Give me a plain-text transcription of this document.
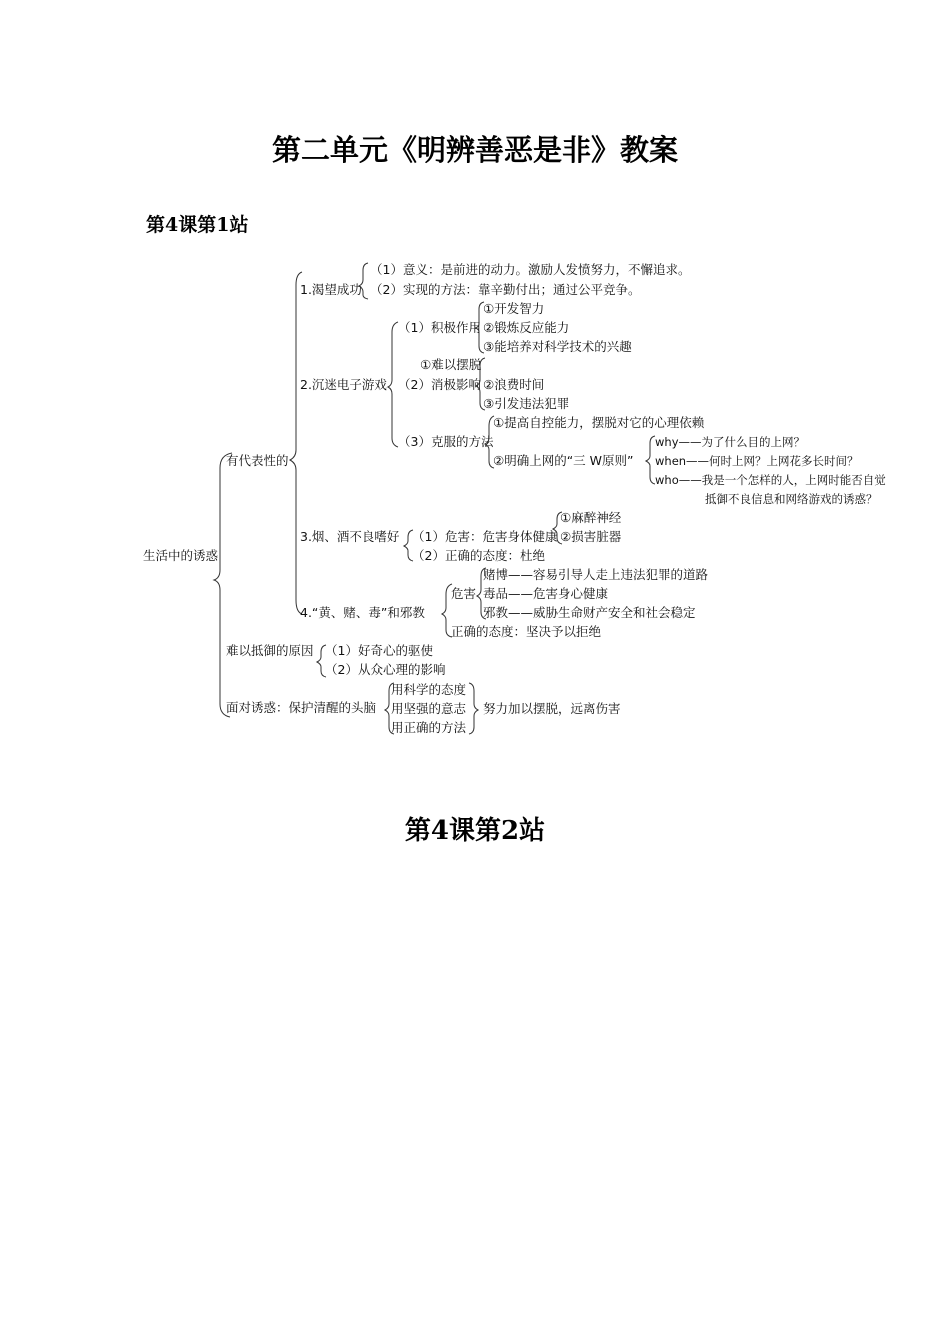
第二单元《明辨善恶是非》教案
第4课第1站
生活中的诱惑
有代表性的
难以抵御的原因
面对诱惑：保护清醒的头脑
1.渴望成功
（1）意义：是前进的动力。激励人发愤努力，不懈追求。
（2）实现的方法：靠辛勤付出；通过公平竞争。
2.沉迷电子游戏
（1）积极作用
①开发智力
②锻炼反应能力
③能培养对科学技术的兴趣
（2）消极影响
①难以摆脱
②浪费时间
③引发违法犯罪
（3）克服的方法
①提高自控能力，摆脱对它的心理依赖
②明确上网的“三 W原则”
why——为了什么目的上网？
when——何时上网？上网花多长时间？
who——我是一个怎样的人，上网时能否自觉
抵御不良信息和网络游戏的诱惑？
3.烟、酒不良嗜好 （1）危害：危害身体健康
①麻醉神经
②损害脏器
（2）正确的态度：杜绝
4.“黄、赌、毒”和邪教
危害
赌博——容易引导人走上违法犯罪的道路
毒品——危害身心健康
邪教——威胁生命财产安全和社会稳定
正确的态度：坚决予以拒绝
（1）好奇心的驱使
（2）从众心理的影响
用科学的态度
用坚强的意志
用正确的方法
努力加以摆脱，远离伤害
第4课第2站
